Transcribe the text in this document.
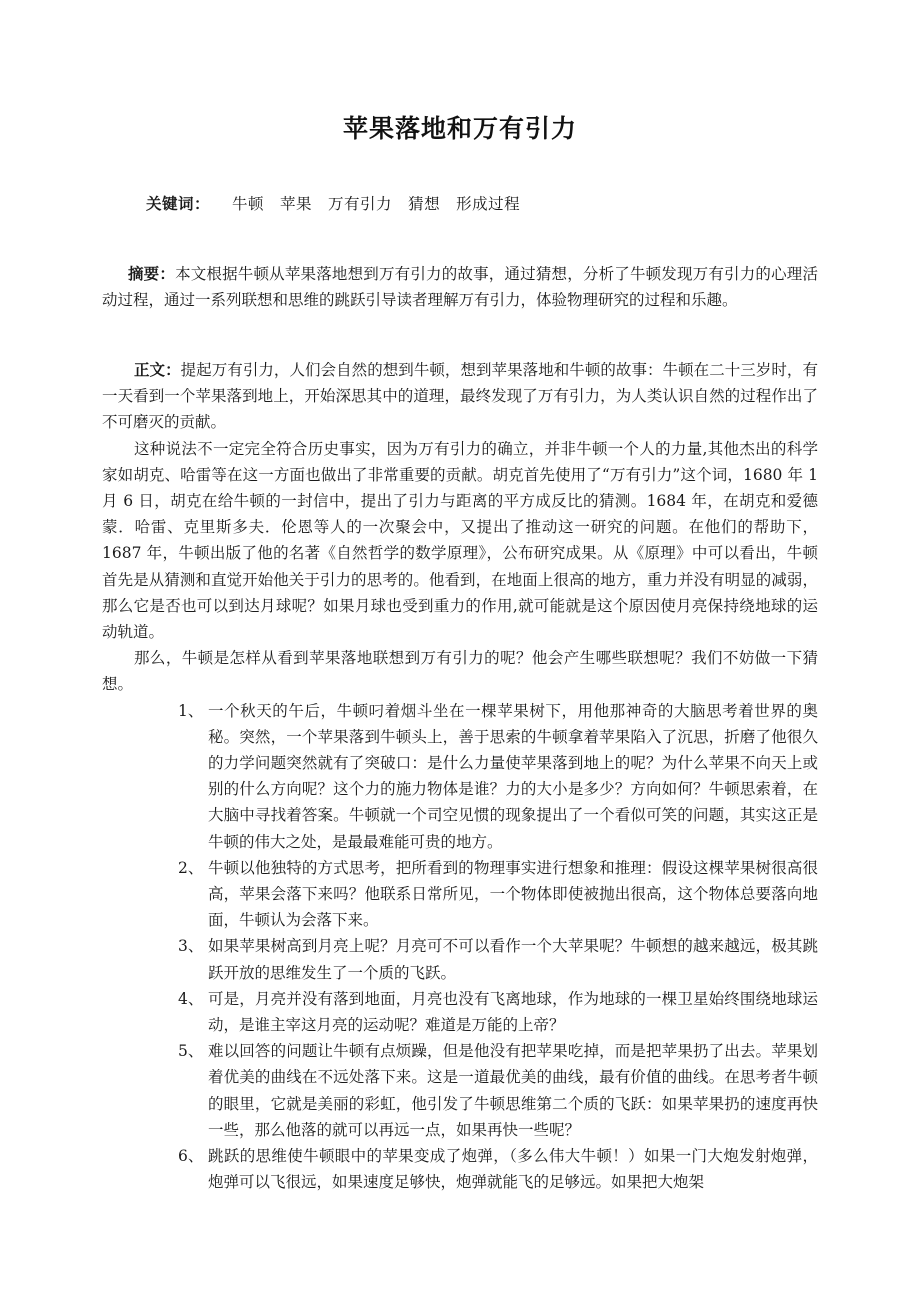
苹果落地和万有引力
关键词： 牛顿 苹果 万有引力 猜想 形成过程
摘要：本文根据牛顿从苹果落地想到万有引力的故事，通过猜想，分析了牛顿发现万有引力的心理活动过程，通过一系列联想和思维的跳跃引导读者理解万有引力，体验物理研究的过程和乐趣。

正文：提起万有引力，人们会自然的想到牛顿，想到苹果落地和牛顿的故事：牛顿在二十三岁时，有一天看到一个苹果落到地上，开始深思其中的道理，最终发现了万有引力，为人类认识自然的过程作出了不可磨灭的贡献。

这种说法不一定完全符合历史事实，因为万有引力的确立，并非牛顿一个人的力量,其他杰出的科学家如胡克、哈雷等在这一方面也做出了非常重要的贡献。胡克首先使用了“万有引力”这个词，1680 年 1 月 6 日，胡克在给牛顿的一封信中，提出了引力与距离的平方成反比的猜测。1684 年，在胡克和爱德蒙．哈雷、克里斯多夫．伦恩等人的一次聚会中，又提出了推动这一研究的问题。在他们的帮助下，1687 年，牛顿出版了他的名著《自然哲学的数学原理》，公布研究成果。从《原理》中可以看出，牛顿首先是从猜测和直觉开始他关于引力的思考的。他看到，在地面上很高的地方，重力并没有明显的减弱，那么它是否也可以到达月球呢？如果月球也受到重力的作用,就可能就是这个原因使月亮保持绕地球的运动轨道。

那么，牛顿是怎样从看到苹果落地联想到万有引力的呢？他会产生哪些联想呢？我们不妨做一下猜想。

1、 一个秋天的午后，牛顿叼着烟斗坐在一棵苹果树下，用他那神奇的大脑思考着世界的奥秘。突然，一个苹果落到牛顿头上，善于思索的牛顿拿着苹果陷入了沉思，折磨了他很久的力学问题突然就有了突破口：是什么力量使苹果落到地上的呢？为什么苹果不向天上或别的什么方向呢？这个力的施力物体是谁？力的大小是多少？方向如何？牛顿思索着，在大脑中寻找着答案。牛顿就一个司空见惯的现象提出了一个看似可笑的问题，其实这正是牛顿的伟大之处，是最最难能可贵的地方。
2、 牛顿以他独特的方式思考，把所看到的物理事实进行想象和推理：假设这棵苹果树很高很高，苹果会落下来吗？他联系日常所见，一个物体即使被抛出很高，这个物体总要落向地面，牛顿认为会落下来。
3、 如果苹果树高到月亮上呢？月亮可不可以看作一个大苹果呢？牛顿想的越来越远，极其跳跃开放的思维发生了一个质的飞跃。
4、 可是，月亮并没有落到地面，月亮也没有飞离地球，作为地球的一棵卫星始终围绕地球运动，是谁主宰这月亮的运动呢？难道是万能的上帝？
5、 难以回答的问题让牛顿有点烦躁，但是他没有把苹果吃掉，而是把苹果扔了出去。苹果划着优美的曲线在不远处落下来。这是一道最优美的曲线，最有价值的曲线。在思考者牛顿的眼里，它就是美丽的彩虹，他引发了牛顿思维第二个质的飞跃：如果苹果扔的速度再快一些，那么他落的就可以再远一点，如果再快一些呢？
6、 跳跃的思维使牛顿眼中的苹果变成了炮弹，（多么伟大牛顿！）如果一门大炮发射炮弹，炮弹可以飞很远，如果速度足够快，炮弹就能飞的足够远。如果把大炮架
